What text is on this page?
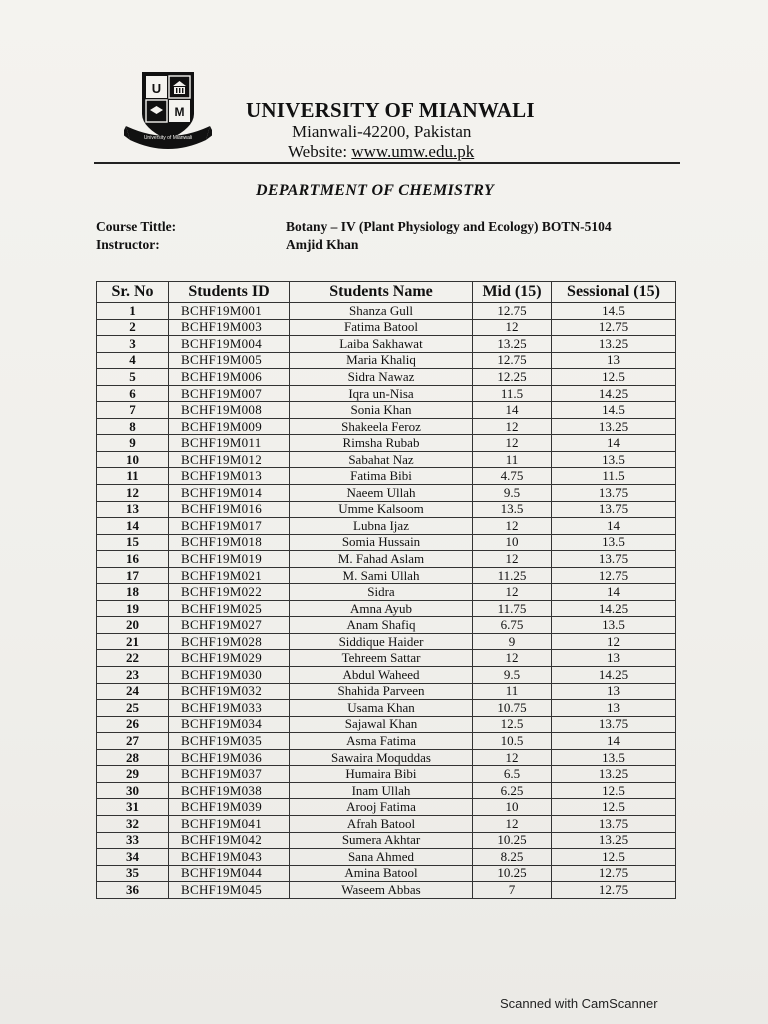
U
M
University of Mianwali
UNIVERSITY OF MIANWALI
Mianwali-42200, Pakistan
Website: www.umw.edu.pk
DEPARTMENT OF CHEMISTRY
Course Tittle:	Botany – IV (Plant Physiology and Ecology) BOTN-5104
Instructor:	Amjid Khan
Sr. No	Students ID	Students Name	Mid (15)	Sessional (15)
1	BCHF19M001	Shanza Gull	12.75	14.5
2	BCHF19M003	Fatima Batool	12	12.75
3	BCHF19M004	Laiba Sakhawat	13.25	13.25
4	BCHF19M005	Maria Khaliq	12.75	13
5	BCHF19M006	Sidra Nawaz	12.25	12.5
6	BCHF19M007	Iqra un-Nisa	11.5	14.25
7	BCHF19M008	Sonia Khan	14	14.5
8	BCHF19M009	Shakeela Feroz	12	13.25
9	BCHF19M011	Rimsha Rubab	12	14
10	BCHF19M012	Sabahat Naz	11	13.5
11	BCHF19M013	Fatima Bibi	4.75	11.5
12	BCHF19M014	Naeem Ullah	9.5	13.75
13	BCHF19M016	Umme Kalsoom	13.5	13.75
14	BCHF19M017	Lubna Ijaz	12	14
15	BCHF19M018	Somia Hussain	10	13.5
16	BCHF19M019	M. Fahad Aslam	12	13.75
17	BCHF19M021	M. Sami Ullah	11.25	12.75
18	BCHF19M022	Sidra	12	14
19	BCHF19M025	Amna Ayub	11.75	14.25
20	BCHF19M027	Anam Shafiq	6.75	13.5
21	BCHF19M028	Siddique Haider	9	12
22	BCHF19M029	Tehreem Sattar	12	13
23	BCHF19M030	Abdul Waheed	9.5	14.25
24	BCHF19M032	Shahida Parveen	11	13
25	BCHF19M033	Usama Khan	10.75	13
26	BCHF19M034	Sajawal Khan	12.5	13.75
27	BCHF19M035	Asma Fatima	10.5	14
28	BCHF19M036	Sawaira Moquddas	12	13.5
29	BCHF19M037	Humaira Bibi	6.5	13.25
30	BCHF19M038	Inam Ullah	6.25	12.5
31	BCHF19M039	Arooj Fatima	10	12.5
32	BCHF19M041	Afrah Batool	12	13.75
33	BCHF19M042	Sumera Akhtar	10.25	13.25
34	BCHF19M043	Sana Ahmed	8.25	12.5
35	BCHF19M044	Amina Batool	10.25	12.75
36	BCHF19M045	Waseem Abbas	7	12.75
Scanned with CamScanner
